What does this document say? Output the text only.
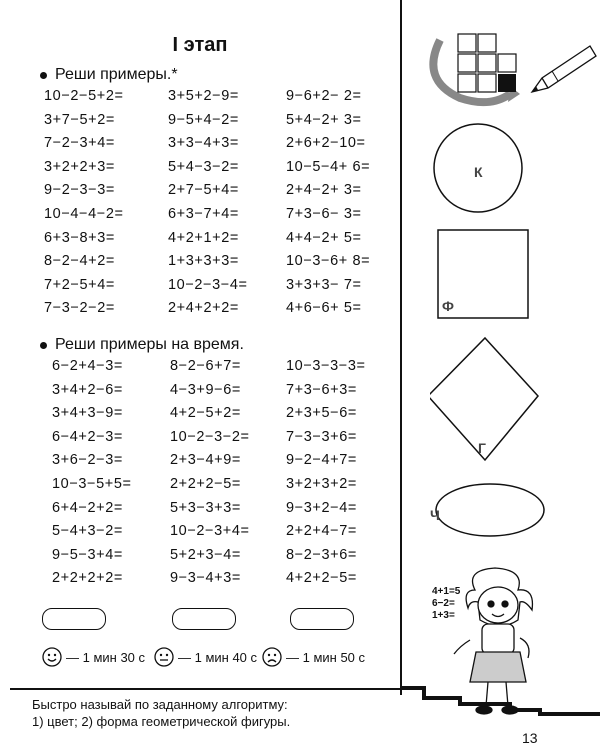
I этап
Реши примеры.*
10−2−5+2=	3+5+2−9=	9−6+2− 2=
3+7−5+2=	9−5+4−2=	5+4−2+ 3=
7−2−3+4=	3+3−4+3=	2+6+2−10=
3+2+2+3=	5+4−3−2=	10−5−4+ 6=
9−2−3−3=	2+7−5+4=	2+4−2+ 3=
10−4−4−2=	6+3−7+4=	7+3−6− 3=
6+3−8+3=	4+2+1+2=	4+4−2+ 5=
8−2−4+2=	1+3+3+3=	10−3−6+ 8=
7+2−5+4=	10−2−3−4=	3+3+3− 7=
7−3−2−2=	2+4+2+2=	4+6−6+ 5=
Реши примеры на время.
6−2+4−3=	8−2−6+7=	10−3−3−3=
3+4+2−6=	4−3+9−6=	7+3−6+3=
3+4+3−9=	4+2−5+2=	2+3+5−6=
6−4+2−3=	10−2−3−2=	7−3−3+6=
3+6−2−3=	2+3−4+9=	9−2−4+7=
10−3−5+5=	2+2+2−5=	3+2+3+2=
6+4−2+2=	5+3−3+3=	9−3+2−4=
5−4+3−2=	10−2−3+4=	2+2+4−7=
9−5−3+4=	5+2+3−4=	8−2−3+6=
2+2+2+2=	9−3−4+3=	4+2+2−5=
— 1 мин 30 с	— 1 мин 40 с — 1 мин 50 с
К
Ф
Г
Ч
4+1=5
6−2=
1+3=
Быстро называй по заданному алгоритму:
1) цвет; 2) форма геометрической фигуры.
13
